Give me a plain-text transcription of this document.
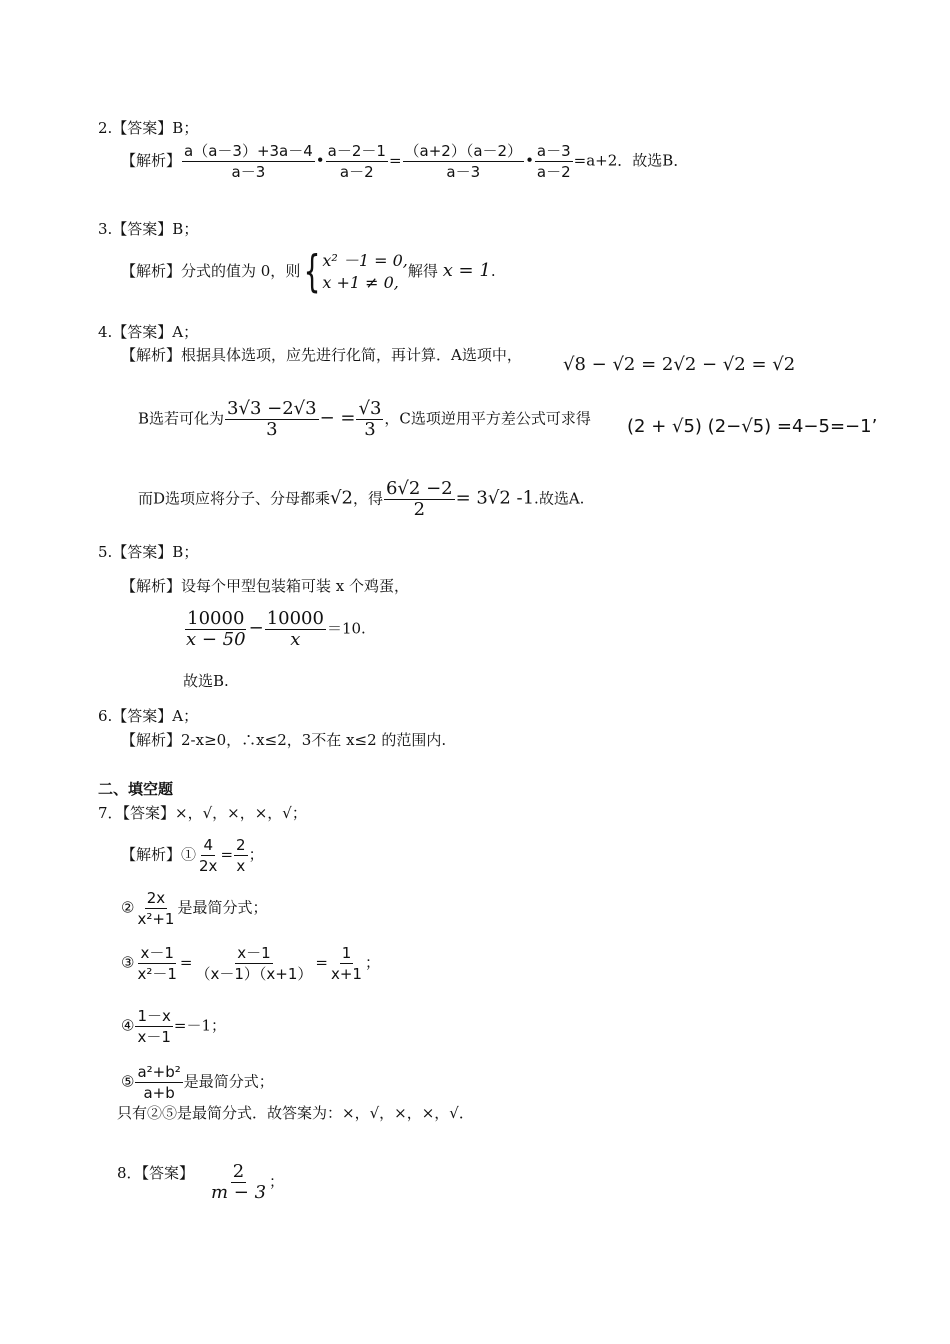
2.【答案】B；
【解析】 $\frac{a(a-3)+3a-4}{a-3}$ • $\frac{a-2-1}{a-2} = \frac{(a+2)(a-2)}{a-3}$ • $\frac{a-3}{a-2} =a+2$．故选B．
3.【答案】B；
【解析】分式的值为 0，则{ x² －1 = 0,
x +1 ≠ 0,
解得 x = 1.
4.【答案】A；
【解析】根据具体选项，应先进行化简，再计算．A选项中， √8 − √2 = 2√2 − √2 = √2
B选若可化为 $\frac{3√3 -2√3}{3}$ − = $\frac{√3}{3}$ ，C选项逆用平方差公式可求得 (2 + √5) (2−√5) =4−5=−1’
而D选项应将分子、分母都乘√2，得 $\frac{6√2 -2}{2} = 3√2$ -1.故选A.
5.【答案】B；
【解析】设每个甲型包装箱可装 x 个鸡蛋，
$\frac{10000}{x - 50} - \frac{10000}{x} =10$.
故选B.
6.【答案】A；
【解析】2-x≥0，∴x≤2，3不在 x≤2 的范围内.
二、填空题
7．【答案】×，√，×，×，√；
【解析】① $\frac{4}{2x} = \frac{2}{x}$ ；
② $\frac{2x}{\text{x²+1}}$ 是最简分式；
③ $\frac{x-1}{\text{x²－1}} = \frac{x-1}{(x-1)(x+1)} = \frac{1}{x+1}$ ；
④ $\frac{1-x}{x-1} =-1$；
⑤ $\frac{\text{a²+b²}}{a+b}$ 是最简分式；
只有②⑤是最简分式．故答案为：×，√，×，×，√．
8．【答案】 $\frac{2}{m - 3}$ ；
